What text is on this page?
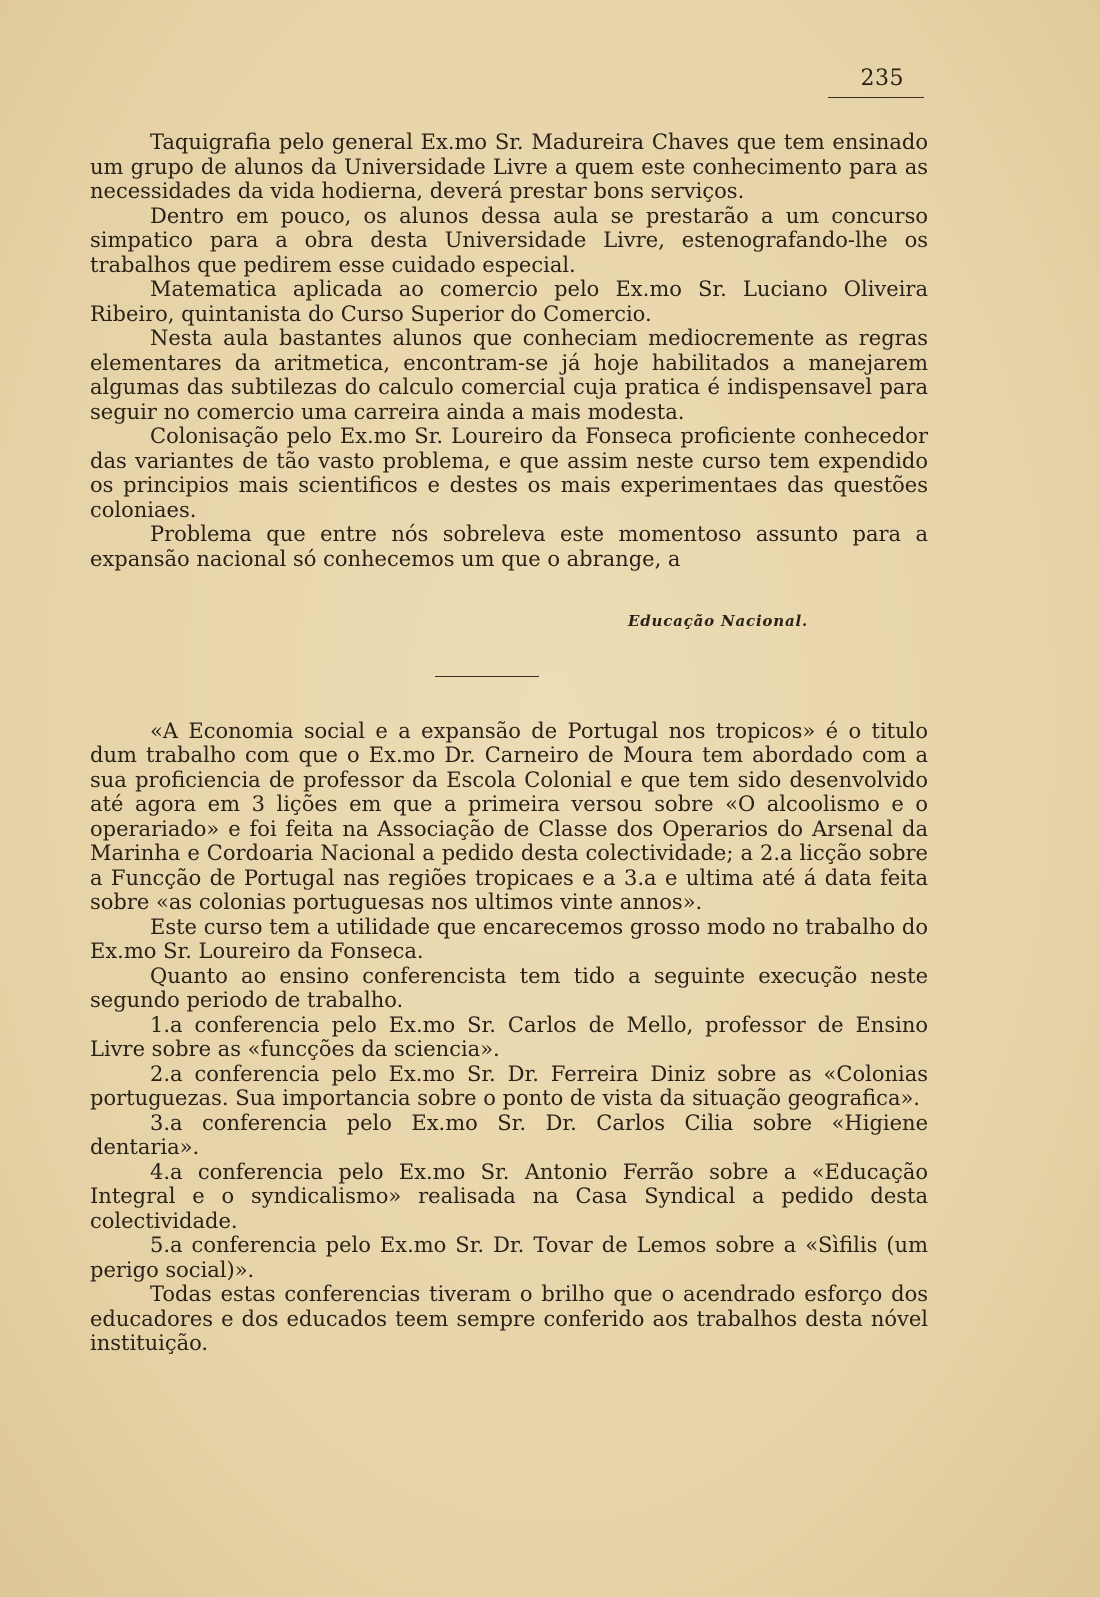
235

Taquigrafia pelo general Ex.mo Sr. Madureira Chaves que tem ensinado um grupo de alunos da Universidade Livre a quem este conhecimento para as necessidades da vida hodierna, deverá prestar bons serviços.

Dentro em pouco, os alunos dessa aula se prestarão a um concurso simpatico para a obra desta Universidade Livre, estenografando-lhe os trabalhos que pedirem esse cuidado especial.

Matematica aplicada ao comercio pelo Ex.mo Sr. Luciano Oliveira Ribeiro, quintanista do Curso Superior do Comercio.

Nesta aula bastantes alunos que conheciam mediocremente as regras elementares da aritmetica, encontram-se já hoje habilitados a manejarem algumas das subtilezas do calculo comercial cuja pratica é indispensavel para seguir no comercio uma carreira ainda a mais modesta.

Colonisação pelo Ex.mo Sr. Loureiro da Fonseca proficiente conhecedor das variantes de tão vasto problema, e que assim neste curso tem expendido os principios mais scientificos e destes os mais experimentaes das questões coloniaes.

Problema que entre nós sobreleva este momentoso assunto para a expansão nacional só conhecemos um que o abrange, a

Educação Nacional.

«A Economia social e a expansão de Portugal nos tropicos» é o titulo dum trabalho com que o Ex.mo Dr. Carneiro de Moura tem abordado com a sua proficiencia de professor da Escola Colonial e que tem sido desenvolvido até agora em 3 lições em que a primeira versou sobre «O alcoolismo e o operariado» e foi feita na Associação de Classe dos Operarios do Arsenal da Marinha e Cordoaria Nacional a pedido desta colectividade; a 2.a licção sobre a Funcção de Portugal nas regiões tropicaes e a 3.a e ultima até á data feita sobre «as colonias portuguesas nos ultimos vinte annos».

Este curso tem a utilidade que encarecemos grosso modo no trabalho do Ex.mo Sr. Loureiro da Fonseca.

Quanto ao ensino conferencista tem tido a seguinte execução neste segundo periodo de trabalho.

1.a conferencia pelo Ex.mo Sr. Carlos de Mello, professor de Ensino Livre sobre as «funcções da sciencia».

2.a conferencia pelo Ex.mo Sr. Dr. Ferreira Diniz sobre as «Colonias portuguezas. Sua importancia sobre o ponto de vista da situação geografica».

3.a conferencia pelo Ex.mo Sr. Dr. Carlos Cilia sobre «Higiene dentaria».

4.a conferencia pelo Ex.mo Sr. Antonio Ferrão sobre a «Educação Integral e o syndicalismo» realisada na Casa Syndical a pedido desta colectividade.

5.a conferencia pelo Ex.mo Sr. Dr. Tovar de Lemos sobre a «Sìfilis (um perigo social)».

Todas estas conferencias tiveram o brilho que o acendrado esforço dos educadores e dos educados teem sempre conferido aos trabalhos desta nóvel instituição.
